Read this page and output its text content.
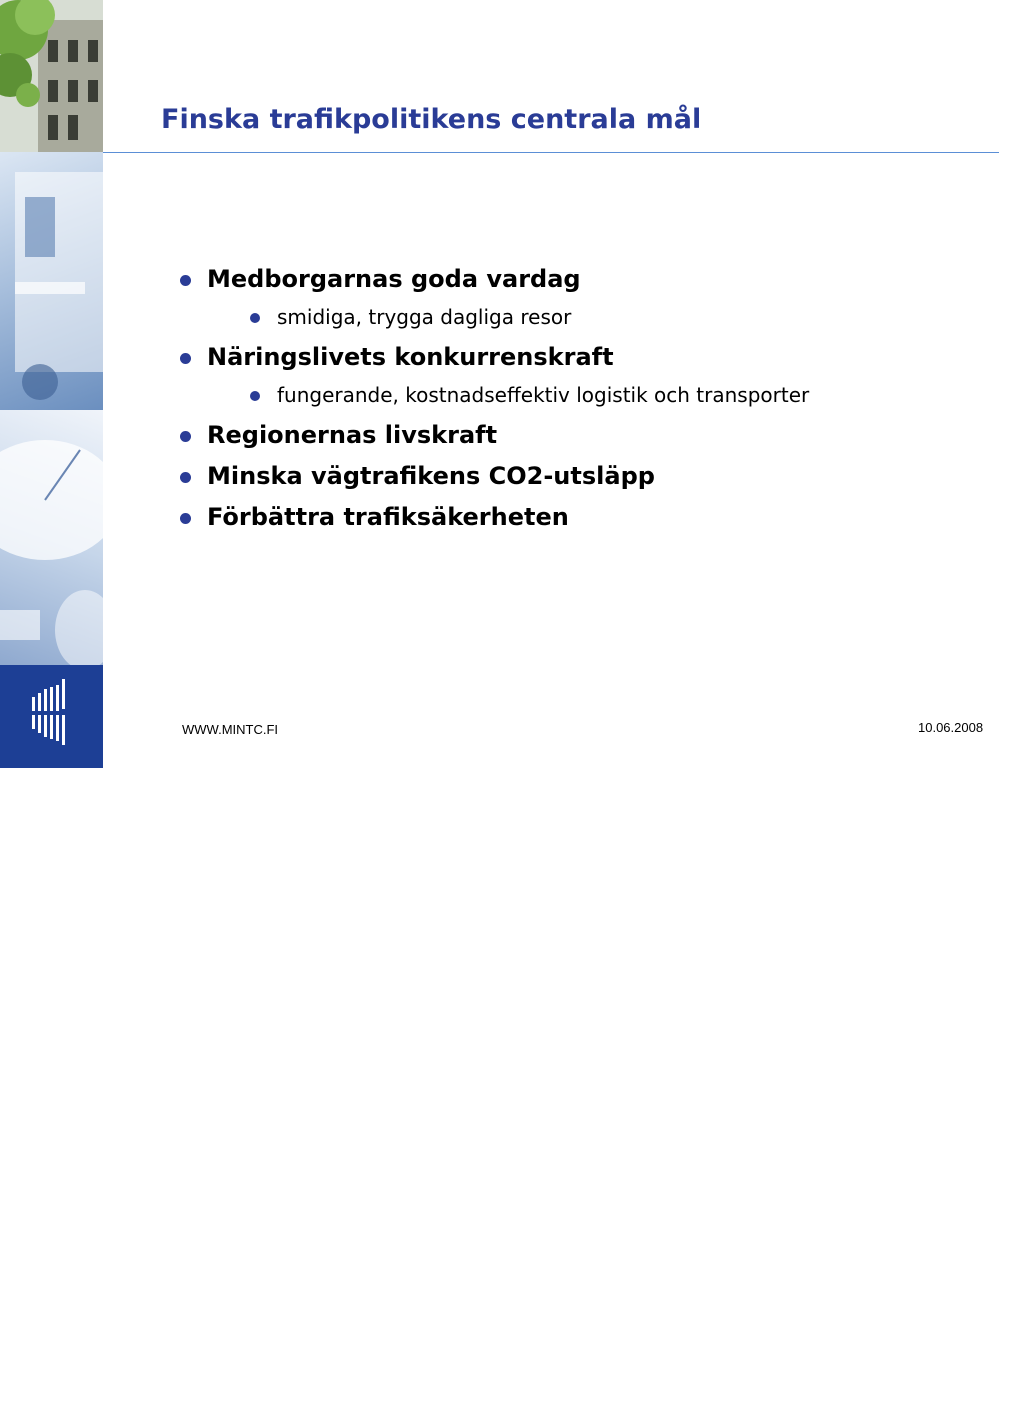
3
Finska trafikpolitikens centrala mål
Medborgarnas goda vardag
smidiga, trygga dagliga resor
Näringslivets konkurrenskraft
fungerande, kostnadseffektiv logistik och transporter
Regionernas livskraft
Minska vägtrafikens CO2-utsläpp
Förbättra trafiksäkerheten
WWW.MINTC.FI	10.06.2008
